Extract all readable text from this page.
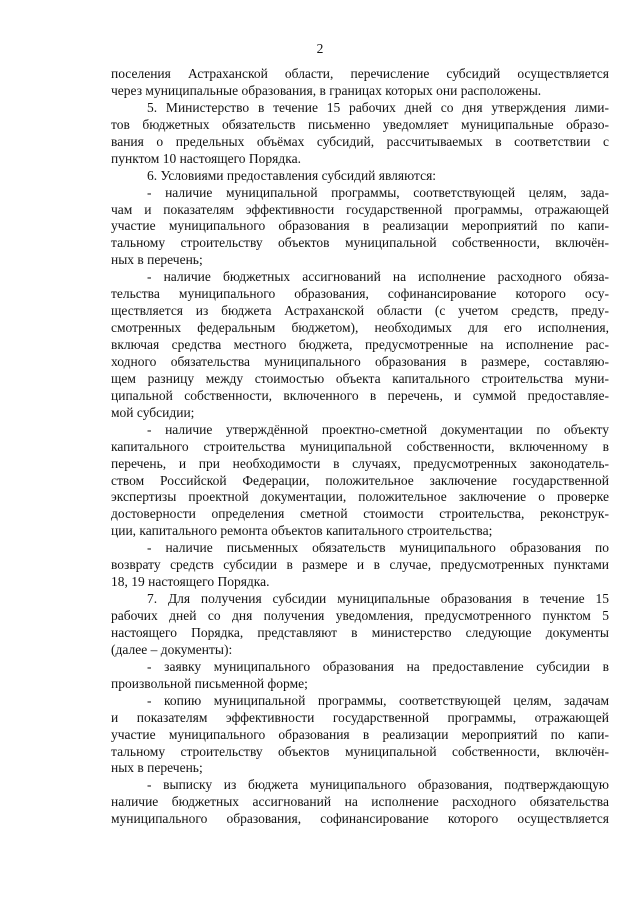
2
поселения Астраханской области, перечисление субсидий осуществляется
через муниципальные образования, в границах которых они расположены.
5. Министерство в течение 15 рабочих дней со дня утверждения лими-
тов бюджетных обязательств письменно уведомляет муниципальные образо-
вания о предельных объёмах субсидий, рассчитываемых в соответствии с
пунктом 10 настоящего Порядка.
6. Условиями предоставления субсидий являются:
- наличие муниципальной программы, соответствующей целям, зада-
чам и показателям эффективности государственной программы, отражающей
участие муниципального образования в реализации мероприятий по капи-
тальному строительству объектов муниципальной собственности, включён-
ных в перечень;
- наличие бюджетных ассигнований на исполнение расходного обяза-
тельства муниципального образования, софинансирование которого осу-
ществляется из бюджета Астраханской области (с учетом средств, преду-
смотренных федеральным бюджетом), необходимых для его исполнения,
включая средства местного бюджета, предусмотренные на исполнение рас-
ходного обязательства муниципального образования в размере, составляю-
щем разницу между стоимостью объекта капитального строительства муни-
ципальной собственности, включенного в перечень, и суммой предоставляе-
мой субсидии;
- наличие утверждённой проектно-сметной документации по объекту
капитального строительства муниципальной собственности, включенному в
перечень, и при необходимости в случаях, предусмотренных законодатель-
ством Российской Федерации, положительное заключение государственной
экспертизы проектной документации, положительное заключение о проверке
достоверности определения сметной стоимости строительства, реконструк-
ции, капитального ремонта объектов капитального строительства;
- наличие письменных обязательств муниципального образования по
возврату средств субсидии в размере и в случае, предусмотренных пунктами
18, 19 настоящего Порядка.
7. Для получения субсидии муниципальные образования в течение 15
рабочих дней со дня получения уведомления, предусмотренного пунктом 5
настоящего Порядка, представляют в министерство следующие документы
(далее – документы):
- заявку муниципального образования на предоставление субсидии в
произвольной письменной форме;
- копию муниципальной программы, соответствующей целям, задачам
и показателям эффективности государственной программы, отражающей
участие муниципального образования в реализации мероприятий по капи-
тальному строительству объектов муниципальной собственности, включён-
ных в перечень;
- выписку из бюджета муниципального образования, подтверждающую
наличие бюджетных ассигнований на исполнение расходного обязательства
муниципального образования, софинансирование которого осуществляется
